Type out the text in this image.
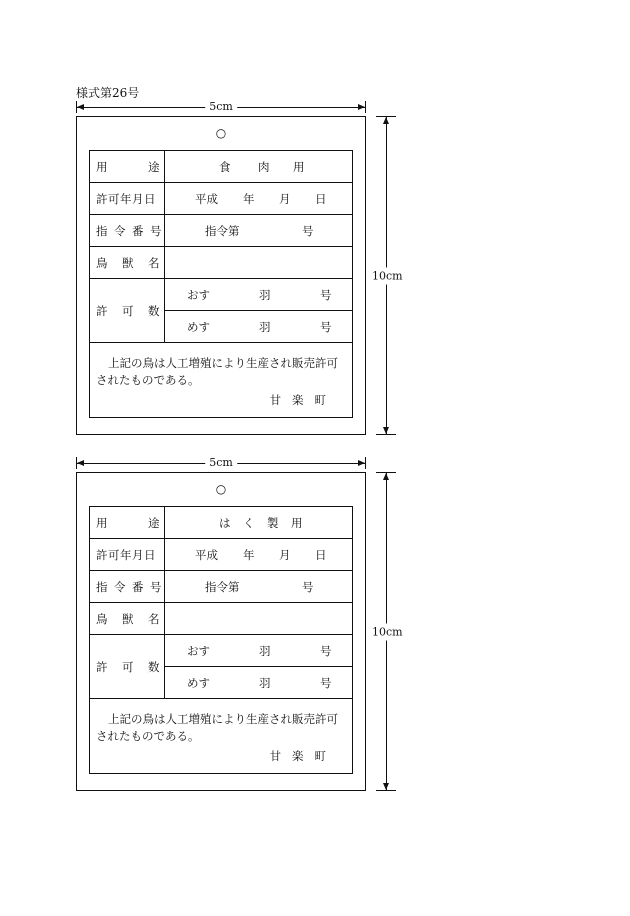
様式第26号
5cm
10cm
○
用 途	食 肉 用

許可年月日	平成 年 月 日

指 令 番 号	指令第 号

鳥 獣 名	

許 可 数	おす 羽 号

	めす 羽 号
上記の鳥は人工増殖により生産され販売許可
されたものである。
甘 楽 町
5cm
10cm
○
用 途	は く 製 用

許可年月日	平成 年 月 日

指 令 番 号	指令第 号

鳥 獣 名	

許 可 数	おす 羽 号

	めす 羽 号
上記の鳥は人工増殖により生産され販売許可
されたものである。
甘 楽 町
